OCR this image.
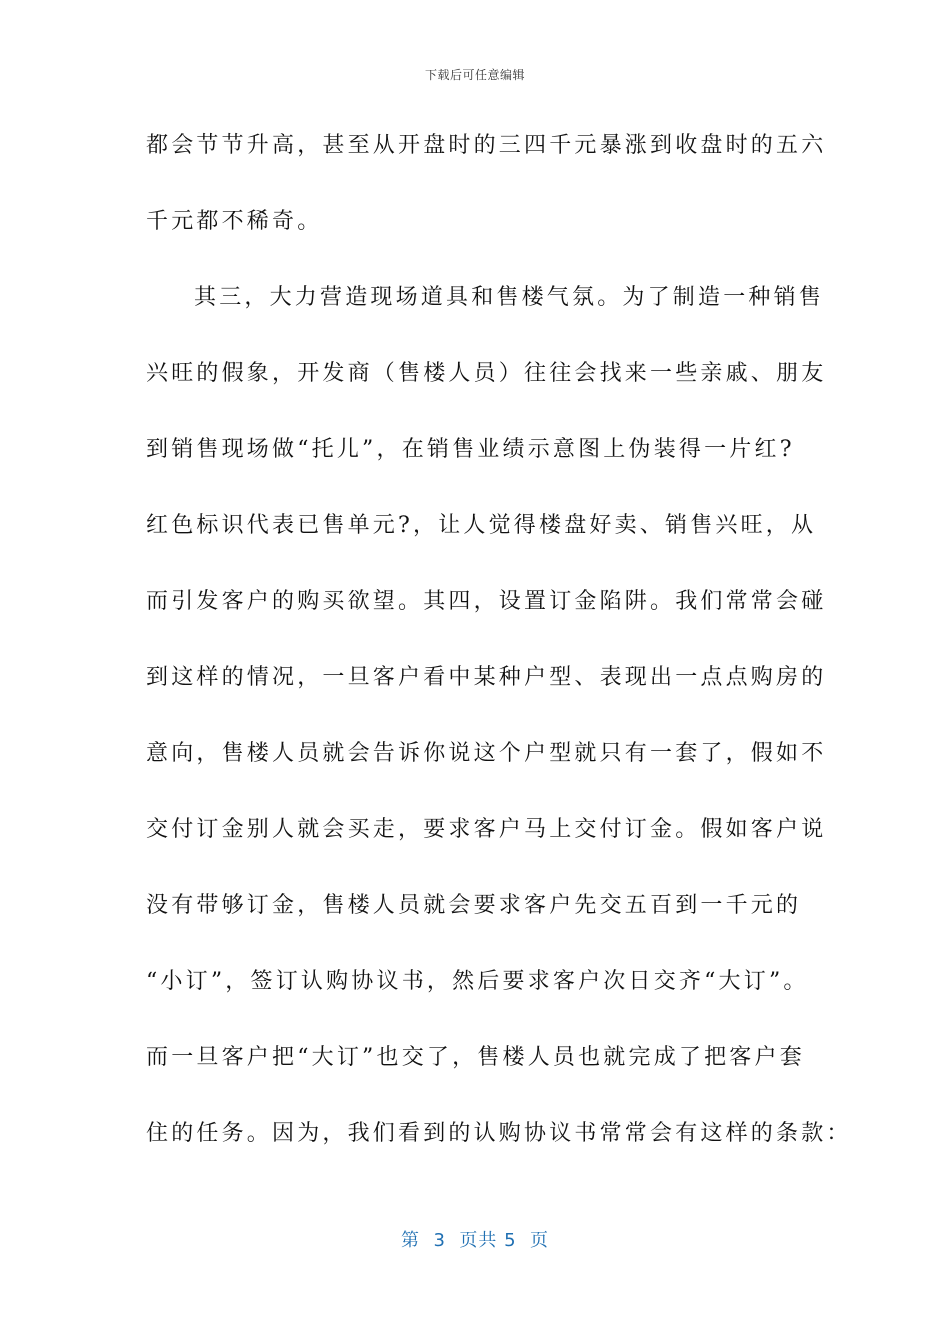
下载后可任意编辑
都会节节升高，甚至从开盘时的三四千元暴涨到收盘时的五六
千元都不稀奇。
其三，大力营造现场道具和售楼气氛。为了制造一种销售
兴旺的假象，开发商（售楼人员）往往会找来一些亲戚、朋友
到销售现场做“托儿”，在销售业绩示意图上伪装得一片红?
红色标识代表已售单元?，让人觉得楼盘好卖、销售兴旺，从
而引发客户的购买欲望。其四，设置订金陷阱。我们常常会碰
到这样的情况，一旦客户看中某种户型、表现出一点点购房的
意向，售楼人员就会告诉你说这个户型就只有一套了，假如不
交付订金别人就会买走，要求客户马上交付订金。假如客户说
没有带够订金，售楼人员就会要求客户先交五百到一千元的
“小订”，签订认购协议书，然后要求客户次日交齐“大订”。
而一旦客户把“大订”也交了，售楼人员也就完成了把客户套
住的任务。因为，我们看到的认购协议书常常会有这样的条款：
第  3  页共 5  页
